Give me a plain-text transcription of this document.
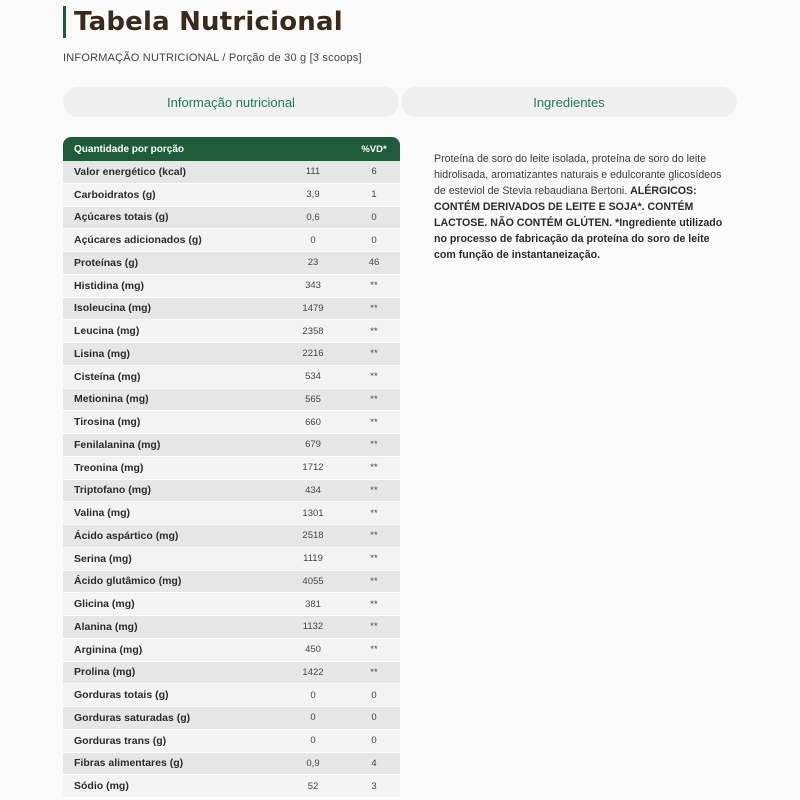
Tabela Nutricional
INFORMAÇÃO NUTRICIONAL / Porção de 30 g [3 scoops]
Informação nutricional	Ingredientes
Quantidade por porção	%VD*
Valor energético (kcal)	111	6
Carboidratos (g)	3,9	1
Açúcares totais (g)	0,6	0
Açúcares adicionados (g)	0	0
Proteínas (g)	23	46
Histidina (mg)	343	**
Isoleucina (mg)	1479	**
Leucina (mg)	2358	**
Lisina (mg)	2216	**
Cisteína (mg)	534	**
Metionina (mg)	565	**
Tirosina (mg)	660	**
Fenilalanina (mg)	679	**
Treonina (mg)	1712	**
Triptofano (mg)	434	**
Valina (mg)	1301	**
Ácido aspártico (mg)	2518	**
Serina (mg)	1119	**
Ácido glutâmico (mg)	4055	**
Glicina (mg)	381	**
Alanina (mg)	1132	**
Arginina (mg)	450	**
Prolina (mg)	1422	**
Gorduras totais (g)	0	0
Gorduras saturadas (g)	0	0
Gorduras trans (g)	0	0
Fibras alimentares (g)	0,9	4
Sódio (mg)	52	3
Proteína de soro do leite isolada, proteína de soro do leite hidrolisada, aromatizantes naturais e edulcorante glicosídeos de esteviol de Stevia rebaudiana Bertoni. ALÉRGICOS: CONTÉM DERIVADOS DE LEITE E SOJA*. CONTÉM LACTOSE. NÃO CONTÉM GLÚTEN. *Ingrediente utilizado no processo de fabricação da proteína do soro de leite com função de instantaneização.
